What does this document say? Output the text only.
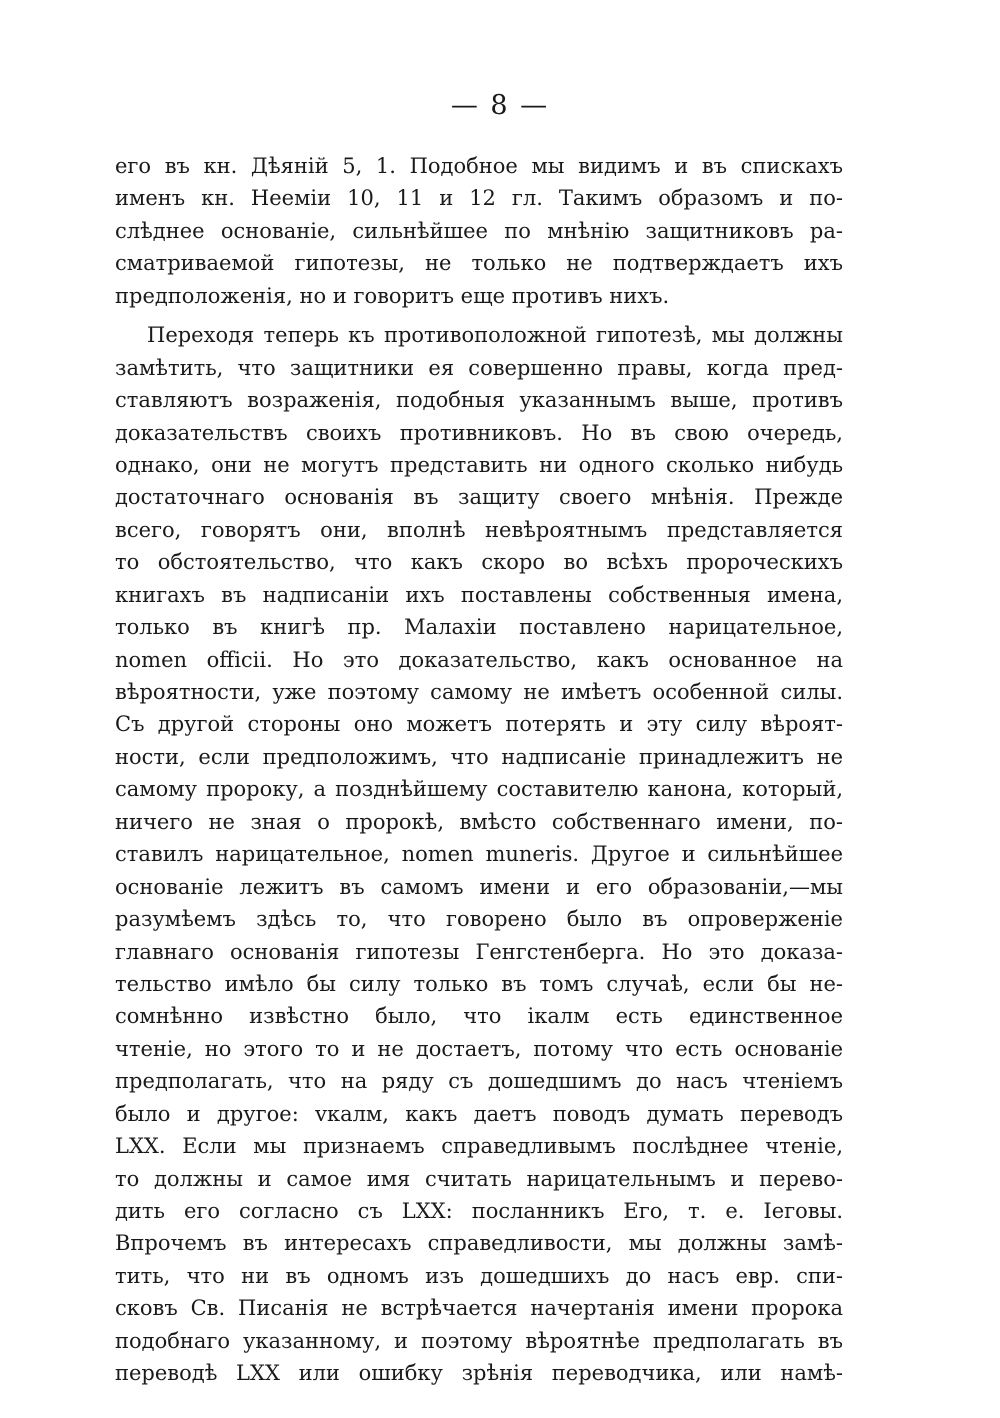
— 8 —
его въ кн. Дѣяній 5, 1. Подобное мы видимъ и въ спискахъ
именъ кн. Неемiи 10, 11 и 12 гл. Такимъ образомъ и по-
слѣднее основаніе, сильнѣйшее по мнѣнію защитниковъ ра-
сматриваемой гипотезы, не только не подтверждаетъ ихъ
предположенія, но и говоритъ еще противъ нихъ.
Переходя теперь къ противоположной гипотезѣ, мы должны
замѣтить, что защитники ея совершенно правы, когда пред-
ставляютъ возраженія, подобныя указаннымъ выше, противъ
доказательствъ своихъ противниковъ. Но въ свою очередь,
однако, они не могутъ представить ни одного сколько нибудь
достаточнаго основанія въ защиту своего мнѣнія. Прежде
всего, говорятъ они, вполнѣ невѣроятнымъ представляется
то обстоятельство, что какъ скоро во всѣхъ пророческихъ
книгахъ въ надписаніи ихъ поставлены собственныя имена,
только въ книгѣ пр. Малахіи поставлено нарицательное,
nomen officii. Но это доказательство, какъ основанное на
вѣроятности, уже поэтому самому не имѣетъ особенной силы.
Съ другой стороны оно можетъ потерять и эту силу вѣроят-
ности, если предположимъ, что надписаніе принадлежитъ не
самому пророку, а позднѣйшему составителю канона, который,
ничего не зная о пророкѣ, вмѣсто собственнаго имени, по-
ставилъ нарицательное, nomen muneris. Другое и сильнѣйшее
основаніе лежитъ въ самомъ имени и его образованіи,—мы
разумѣемъ здѣсь то, что говорено было въ опроверженіе
главнаго основанія гипотезы Генгстенберга. Но это доказа-
тельство имѣло бы силу только въ томъ случаѣ, если бы не-
сомнѣнно извѣстно было, что ікалм есть единственное
чтеніе, но этого то и не достаетъ, потому что есть основаніе
предполагать, что на ряду съ дошедшимъ до насъ чтеніемъ
было и другое: vкалм, какъ даетъ поводъ думать переводъ
LXX. Если мы признаемъ справедливымъ послѣднее чтеніе,
то должны и самое имя считать нарицательнымъ и перево-
дить его согласно съ LXX: посланникъ Его, т. е. Іеговы.
Впрочемъ въ интересахъ справедливости, мы должны замѣ-
тить, что ни въ одномъ изъ дошедшихъ до насъ евр. спи-
сковъ Св. Писанія не встрѣчается начертанія имени пророка
подобнаго указанному, и поэтому вѣроятнѣе предполагать въ
переводѣ LXX или ошибку зрѣнія переводчика, или намѣ-
